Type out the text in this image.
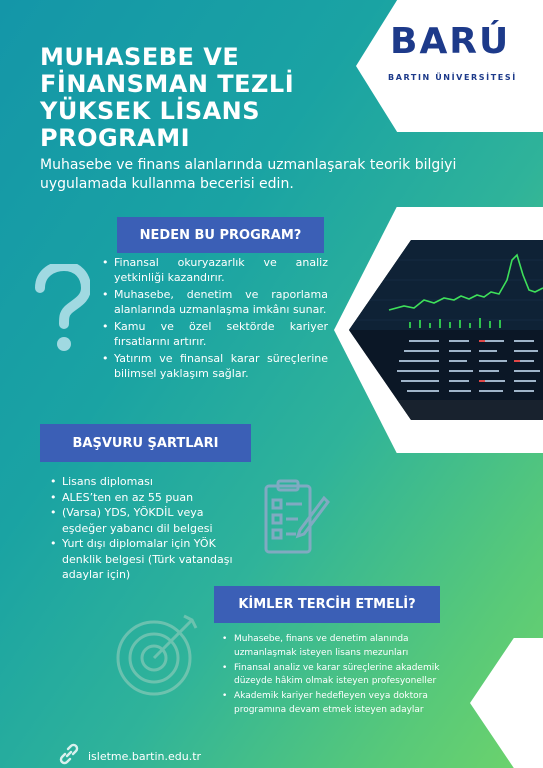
BARÚ
BARTIN ÜNİVERSİTESİ
MUHASEBE VE FİNANSMAN TEZLİ YÜKSEK LİSANS PROGRAMI
Muhasebe ve finans alanlarında uzmanlaşarak teorik bilgiyi uygulamada kullanma becerisi edin.
NEDEN BU PROGRAM?
• Finansal okuryazarlık ve analiz yetkinliği kazandırır.
• Muhasebe, denetim ve raporlama alanlarında uzmanlaşma imkânı sunar.
• Kamu ve özel sektörde kariyer fırsatlarını artırır.
• Yatırım ve finansal karar süreçlerine bilimsel yaklaşım sağlar.
BAŞVURU ŞARTLARI
• Lisans diploması
• ALES’ten en az 55 puan
• (Varsa) YDS, YÖKDİL veya eşdeğer yabancı dil belgesi
• Yurt dışı diplomalar için YÖK denklik belgesi (Türk vatandaşı adaylar için)
KİMLER TERCİH ETMELİ?
• Muhasebe, finans ve denetim alanında uzmanlaşmak isteyen lisans mezunları
• Finansal analiz ve karar süreçlerine akademik düzeyde hâkim olmak isteyen profesyoneller
• Akademik kariyer hedefleyen veya doktora programına devam etmek isteyen adaylar
isletme.bartin.edu.tr
